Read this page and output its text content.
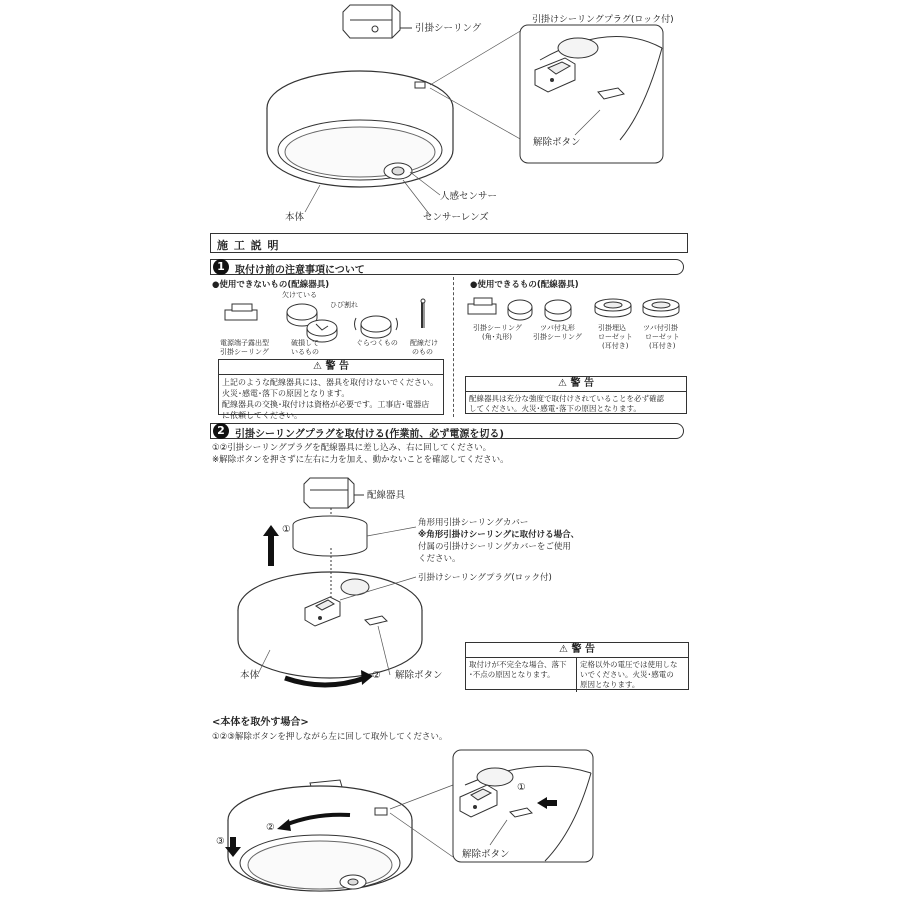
引掛シーリング
引掛けシーリングプラグ(ロック付)
解除ボタン
人感センサー
本体	センサーレンズ
施 工 説 明
1	取付け前の注意事項について
●使用できないもの(配線器具)
欠けている
ひび割れ
電源端子露出型
引掛シーリング
破損して
いるもの
ぐらつくもの 配線だけ
のもの
⚠ 警 告
上記のような配線器具には、器具を取付けないでください。
火災･感電･落下の原因となります。
配線器具の交換･取付けは資格が必要です。工事店･電器店
に依頼してください。
●使用できるもの(配線器具)
引掛シーリング
(角･丸形)
ツバ付丸形
引掛シーリング
引掛埋込
ローゼット
(耳付き)
ツバ付引掛
ローゼット
(耳付き)
⚠ 警 告
配線器具は充分な強度で取付けされていることを必ず確認
してください。火災･感電･落下の原因となります。
2	引掛シーリングプラグを取付ける(作業前、必ず電源を切る)
①②引掛シーリングプラグを配線器具に差し込み、右に回してください。
※解除ボタンを押さずに左右に力を加え、動かないことを確認してください。
①
②
配線器具
角形用引掛シーリングカバー
※角形引掛けシーリングに取付ける場合、
付属の引掛けシーリングカバーをご使用
ください。
引掛けシーリングプラグ(ロック付)
本体	解除ボタン
⚠ 警 告
取付けが不完全な場合、落下
･不点の原因となります。
定格以外の電圧では使用しな
いでください。火災･感電の
原因となります。
<本体を取外す場合>
①②③解除ボタンを押しながら左に回して取外してください。
①
②
③
解除ボタン
